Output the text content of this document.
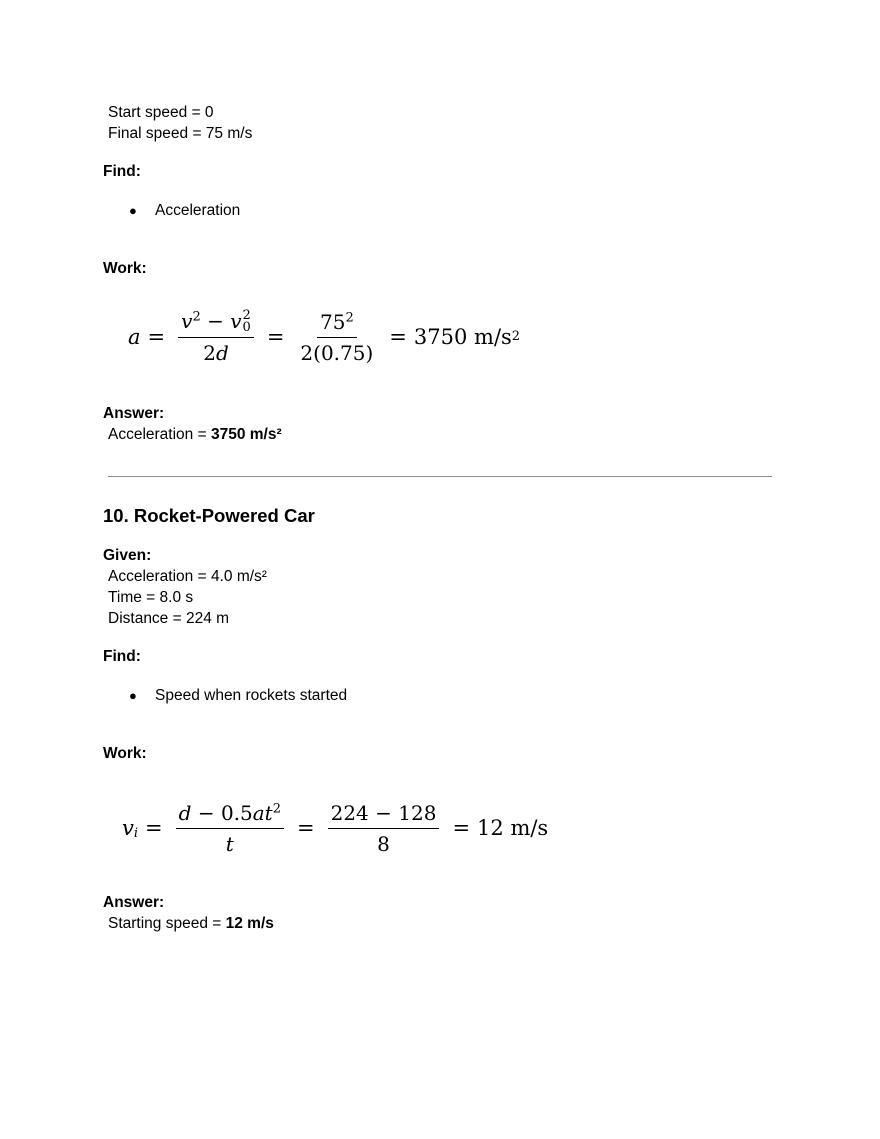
Start speed = 0
Final speed = 75 m/s
Find:
● Acceleration
Work:
$a = v^2 - v$ 2
0
$2d = \frac{75^2}{2(0.75)} = 3750$ m/s 2
Answer:
Acceleration = 3750 m/s²
10. Rocket-Powered Car
Given:
Acceleration = 4.0 m/s²
Time = 8.0 s
Distance = 224 m
Find:
● Speed when rockets started
Work:
$v_i = \frac{d - 0.5at^2}{t} = \frac{224 - 128}{8} = 12$ m/s
Answer:
Starting speed = 12 m/s
